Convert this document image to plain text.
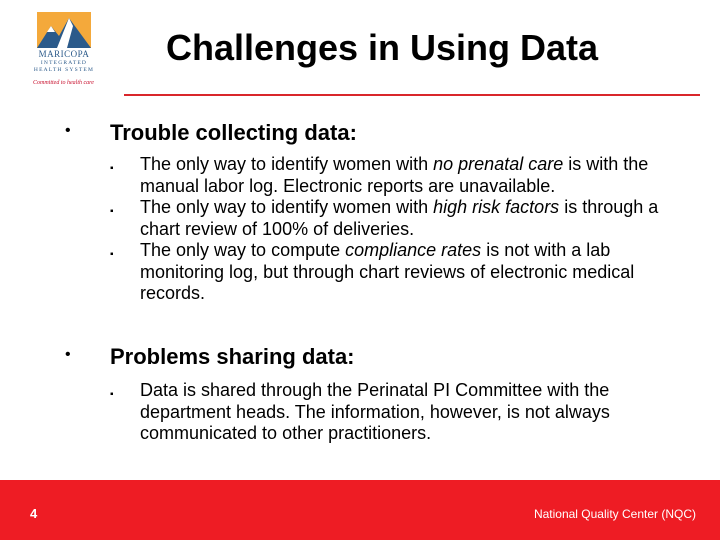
MARICOPA
INTEGRATED
HEALTH SYSTEM
Committed to health care
Challenges in Using Data
• Trouble collecting data:
▪ The only way to identify women with no prenatal care is with the manual labor log. Electronic reports are unavailable.
▪ The only way to identify women with high risk factors is through a chart review of 100% of deliveries.
▪ The only way to compute compliance rates is not with a lab monitoring log, but through chart reviews of electronic medical records.
• Problems sharing data:
▪ Data is shared through the Perinatal PI Committee with the department heads. The information, however, is not always communicated to other practitioners.
4	National Quality Center (NQC)
